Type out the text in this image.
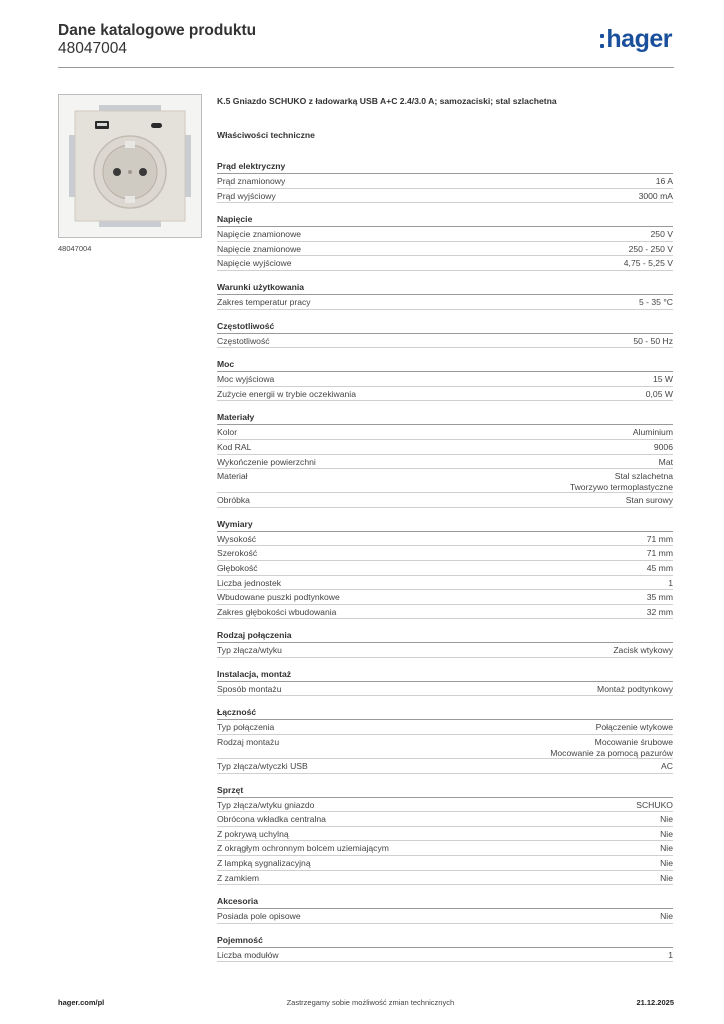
Dane katalogowe produktu
48047004	hager
48047004
K.5 Gniazdo SCHUKO z ładowarką USB A+C 2.4/3.0 A; samozaciski; stal szlachetna
Właściwości techniczne
Prąd elektryczny
Prąd znamionowy	16 A
Prąd wyjściowy	3000 mA
Napięcie
Napięcie znamionowe	250 V
Napięcie znamionowe	250 - 250 V
Napięcie wyjściowe	4,75 - 5,25 V
Warunki użytkowania
Zakres temperatur pracy	5 - 35 °C
Częstotliwość
Częstotliwość	50 - 50 Hz
Moc
Moc wyjściowa	15 W
Zużycie energii w trybie oczekiwania	0,05 W
Materiały
Kolor	Aluminium
Kod RAL	9006
Wykończenie powierzchni	Mat
Materiał	Stal szlachetna
Tworzywo termoplastyczne
Obróbka	Stan surowy
Wymiary
Wysokość	71 mm
Szerokość	71 mm
Głębokość	45 mm
Liczba jednostek	1
Wbudowane puszki podtynkowe	35 mm
Zakres głębokości wbudowania	32 mm
Rodzaj połączenia
Typ złącza/wtyku	Zacisk wtykowy
Instalacja, montaż
Sposób montażu	Montaż podtynkowy
Łączność
Typ połączenia	Połączenie wtykowe
Rodzaj montażu	Mocowanie śrubowe
Mocowanie za pomocą pazurów
Typ złącza/wtyczki USB	AC
Sprzęt
Typ złącza/wtyku gniazdo	SCHUKO
Obrócona wkładka centralna	Nie
Z pokrywą uchylną	Nie
Z okrągłym ochronnym bolcem uziemiającym	Nie
Z lampką sygnalizacyjną	Nie
Z zamkiem	Nie
Akcesoria
Posiada pole opisowe	Nie
Pojemność
Liczba modułów	1
hager.com/pl	Zastrzegamy sobie możliwość zmian technicznych	21.12.2025
